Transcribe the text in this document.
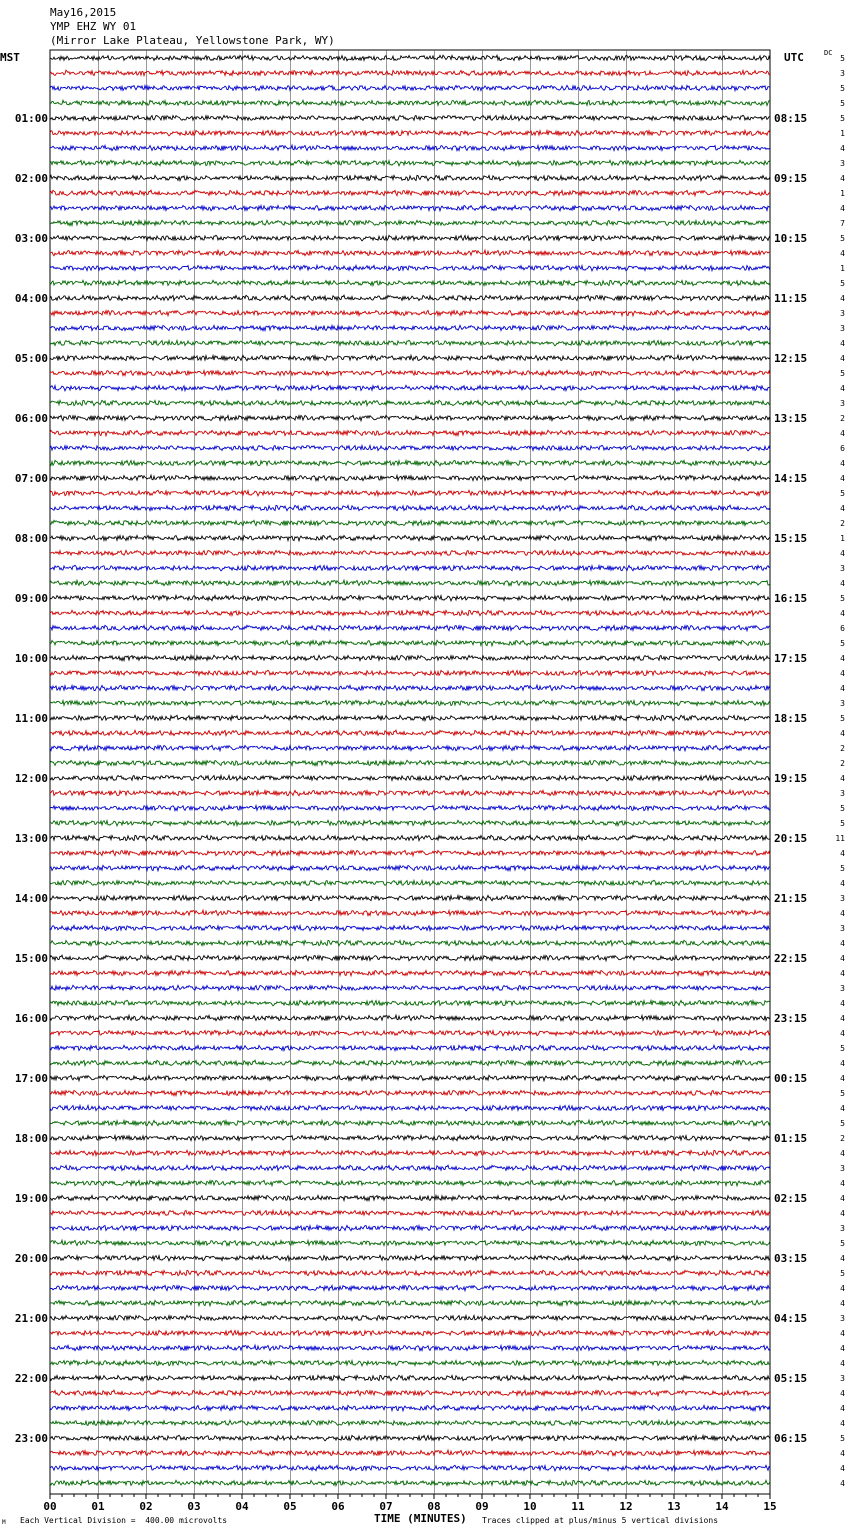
May16,2015
YMP EHZ WY 01
(Mirror Lake Plateau, Yellowstone Park, WY)
01:00
02:00
03:00
04:00
05:00
06:00
07:00
08:00
09:00
10:00
11:00
12:00
13:00
14:00
15:00
16:00
17:00
18:00
19:00
20:00
21:00
22:00
23:00
08:15
09:15
10:15
11:15
12:15
13:15
14:15
15:15
16:15
17:15
18:15
19:15
20:15
21:15
22:15
23:15
00:15
01:15
02:15
03:15
04:15
05:15
06:15
5
3
5
5
5
1
4
3
4
1
4
7
5
4
1
5
4
3
3
4
4
5
4
3
2
4
6
4
4
5
4
2
1
4
3
4
5
4
6
5
4
4
4
3
5
4
2
2
4
3
5
5
11
4
5
4
3
4
3
4
4
4
3
4
4
4
5
4
4
5
4
5
2
4
3
4
4
4
3
5
4
5
4
4
3
4
4
4
3
4
4
4
5
4
4
4
00	01	02	03	04	05	06	07	08	09	10	11	12	13	14	15
MST	UTC	DC
M Each Vertical Division =  400.00 microvolts	TIME (MINUTES) Traces clipped at plus/minus 5 vertical divisions
